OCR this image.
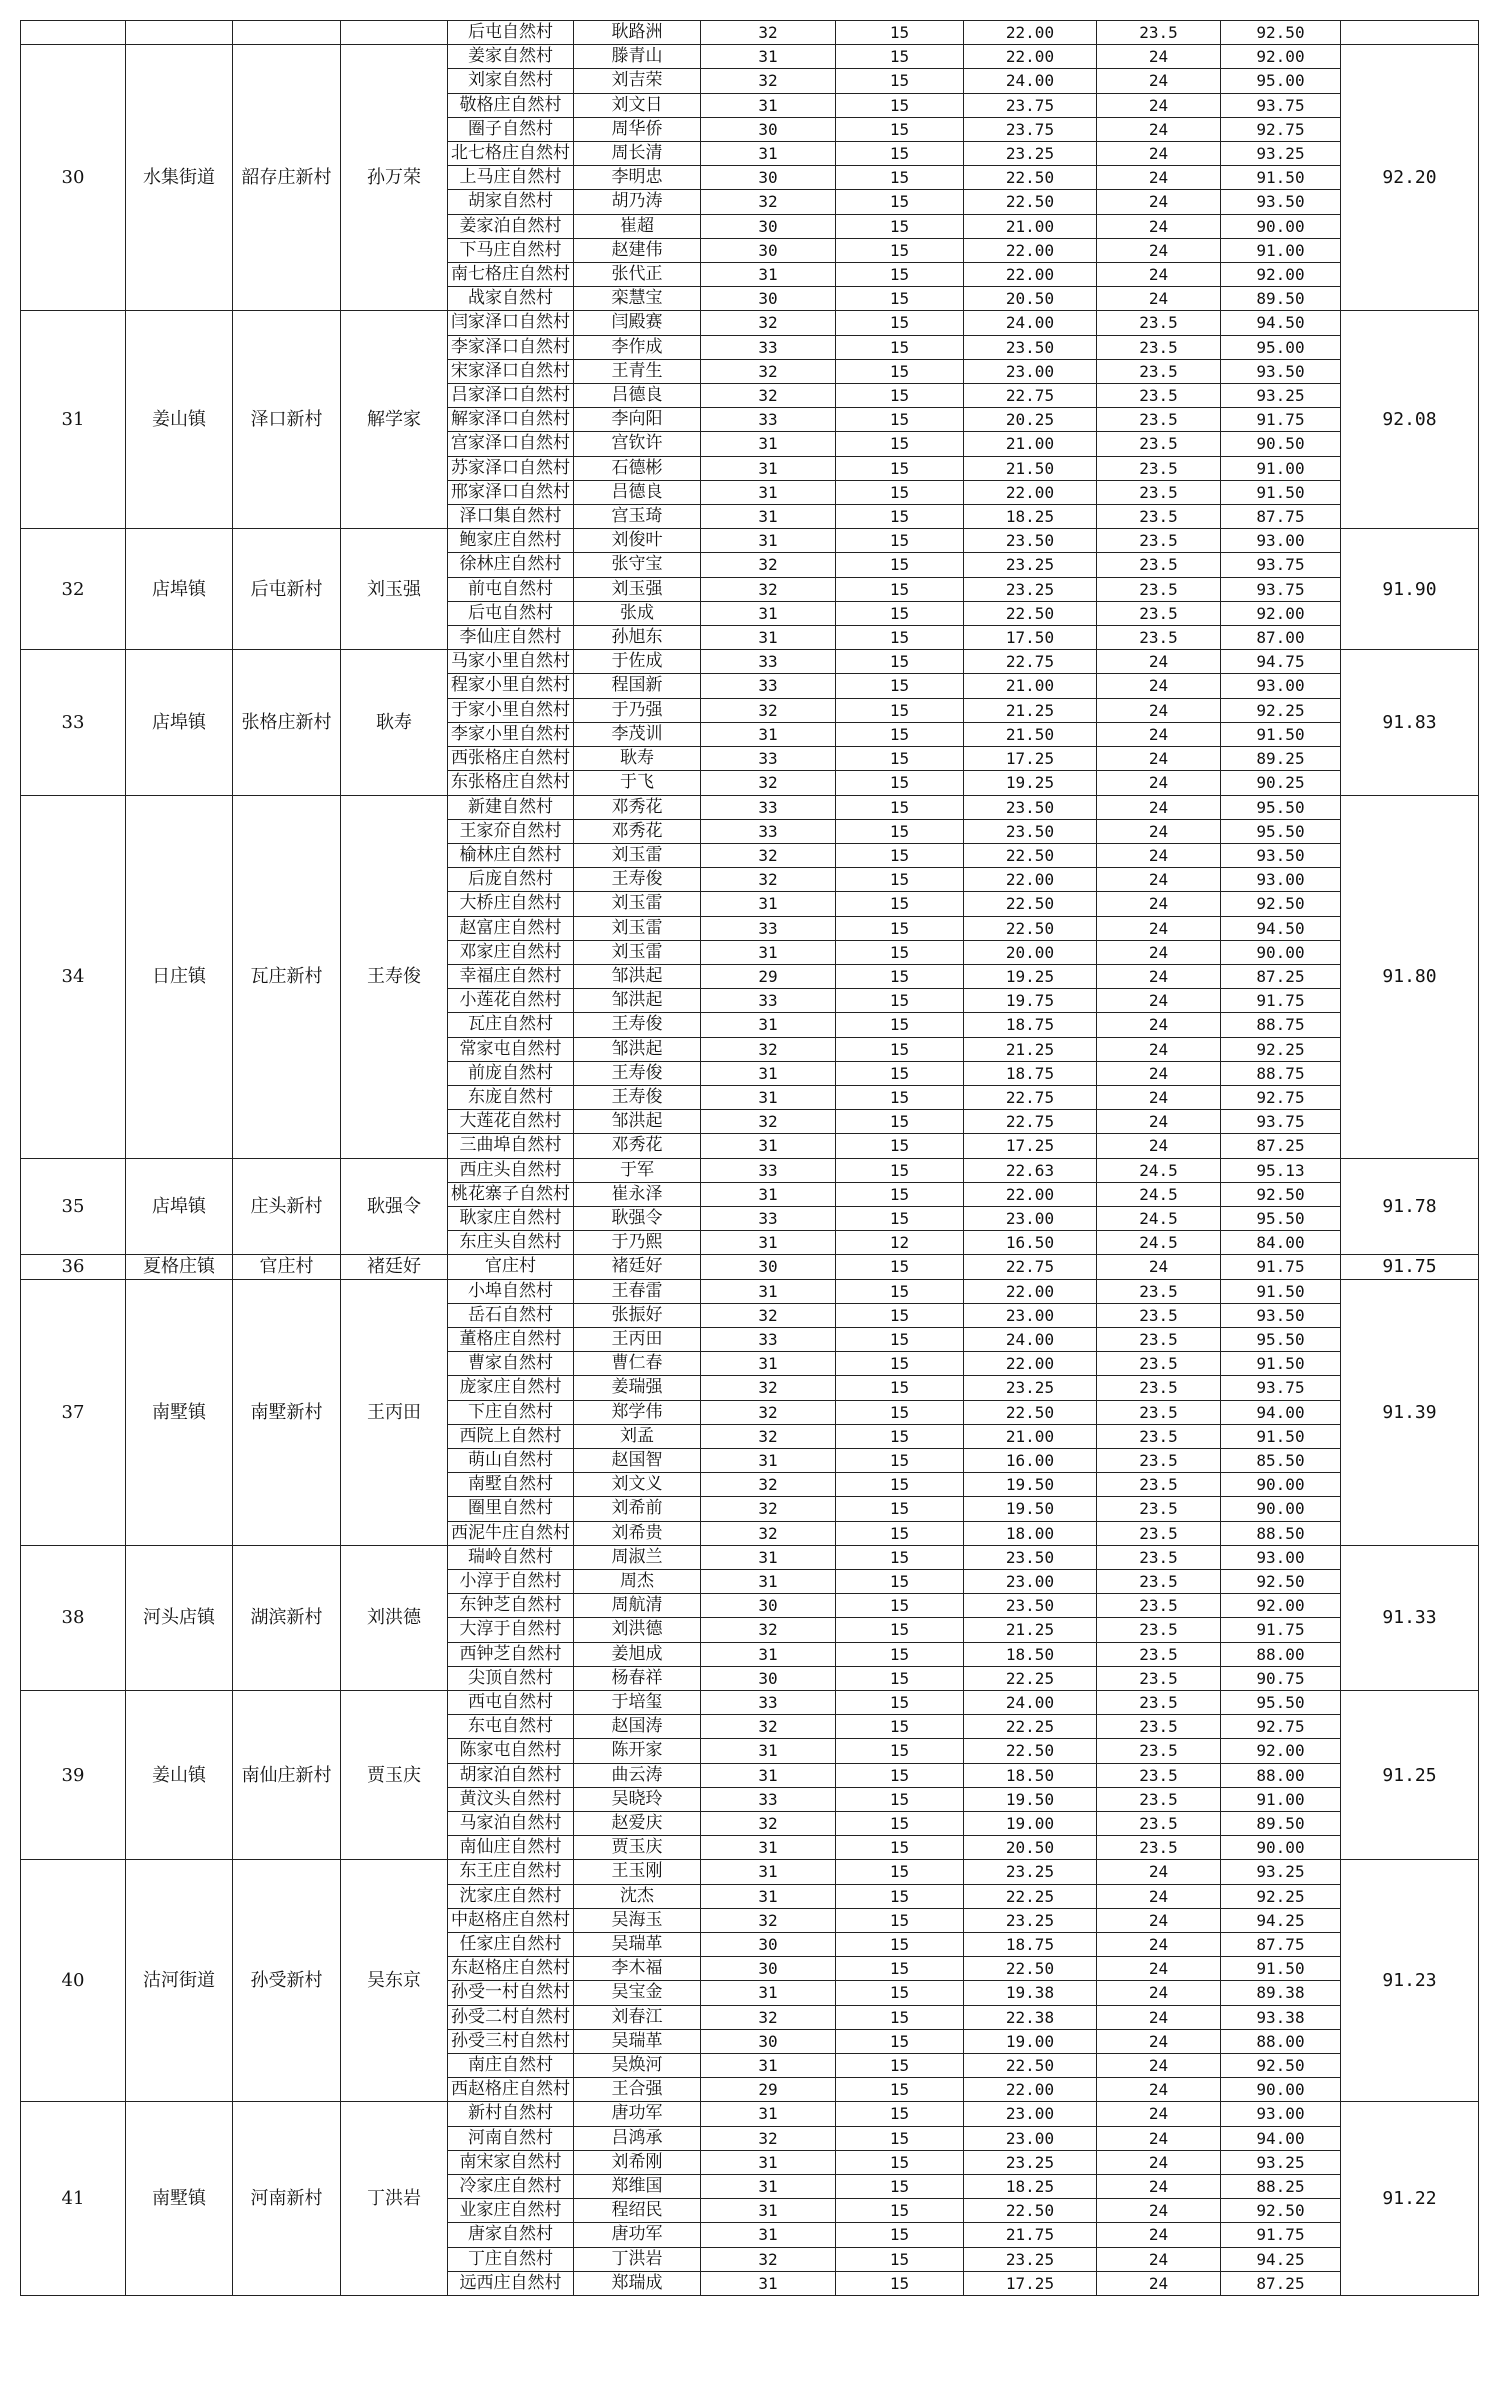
				后屯自然村	耿路洲	32	15	22.00	23.5	92.50	
30	水集街道	韶存庄新村	孙万荣	姜家自然村	滕青山	31	15	22.00	24	92.00	92.20
				刘家自然村	刘吉荣	32	15	24.00	24	95.00	
				敬格庄自然村	刘文日	31	15	23.75	24	93.75	
				圈子自然村	周华侨	30	15	23.75	24	92.75	
				北七格庄自然村	周长清	31	15	23.25	24	93.25	
				上马庄自然村	李明忠	30	15	22.50	24	91.50	
				胡家自然村	胡乃涛	32	15	22.50	24	93.50	
				姜家泊自然村	崔超	30	15	21.00	24	90.00	
				下马庄自然村	赵建伟	30	15	22.00	24	91.00	
				南七格庄自然村	张代正	31	15	22.00	24	92.00	
				战家自然村	栾慧宝	30	15	20.50	24	89.50	
31	姜山镇	泽口新村	解学家	闫家泽口自然村	闫殿赛	32	15	24.00	23.5	94.50	92.08
				李家泽口自然村	李作成	33	15	23.50	23.5	95.00	
				宋家泽口自然村	王青生	32	15	23.00	23.5	93.50	
				吕家泽口自然村	吕德良	32	15	22.75	23.5	93.25	
				解家泽口自然村	李向阳	33	15	20.25	23.5	91.75	
				宫家泽口自然村	宫钦许	31	15	21.00	23.5	90.50	
				苏家泽口自然村	石德彬	31	15	21.50	23.5	91.00	
				邢家泽口自然村	吕德良	31	15	22.00	23.5	91.50	
				泽口集自然村	宫玉琦	31	15	18.25	23.5	87.75	
32	店埠镇	后屯新村	刘玉强	鲍家庄自然村	刘俊叶	31	15	23.50	23.5	93.00	91.90
				徐林庄自然村	张守宝	32	15	23.25	23.5	93.75	
				前屯自然村	刘玉强	32	15	23.25	23.5	93.75	
				后屯自然村	张成	31	15	22.50	23.5	92.00	
				李仙庄自然村	孙旭东	31	15	17.50	23.5	87.00	
33	店埠镇	张格庄新村	耿寿	马家小里自然村	于佐成	33	15	22.75	24	94.75	91.83
				程家小里自然村	程国新	33	15	21.00	24	93.00	
				于家小里自然村	于乃强	32	15	21.25	24	92.25	
				李家小里自然村	李茂训	31	15	21.50	24	91.50	
				西张格庄自然村	耿寿	33	15	17.25	24	89.25	
				东张格庄自然村	于飞	32	15	19.25	24	90.25	
34	日庄镇	瓦庄新村	王寿俊	新建自然村	邓秀花	33	15	23.50	24	95.50	91.80
				王家夼自然村	邓秀花	33	15	23.50	24	95.50	
				榆林庄自然村	刘玉雷	32	15	22.50	24	93.50	
				后庞自然村	王寿俊	32	15	22.00	24	93.00	
				大桥庄自然村	刘玉雷	31	15	22.50	24	92.50	
				赵富庄自然村	刘玉雷	33	15	22.50	24	94.50	
				邓家庄自然村	刘玉雷	31	15	20.00	24	90.00	
				幸福庄自然村	邹洪起	29	15	19.25	24	87.25	
				小莲花自然村	邹洪起	33	15	19.75	24	91.75	
				瓦庄自然村	王寿俊	31	15	18.75	24	88.75	
				常家屯自然村	邹洪起	32	15	21.25	24	92.25	
				前庞自然村	王寿俊	31	15	18.75	24	88.75	
				东庞自然村	王寿俊	31	15	22.75	24	92.75	
				大莲花自然村	邹洪起	32	15	22.75	24	93.75	
				三曲埠自然村	邓秀花	31	15	17.25	24	87.25	
35	店埠镇	庄头新村	耿强令	西庄头自然村	于军	33	15	22.63	24.5	95.13	91.78
				桃花寨子自然村	崔永泽	31	15	22.00	24.5	92.50	
				耿家庄自然村	耿强令	33	15	23.00	24.5	95.50	
				东庄头自然村	于乃熙	31	12	16.50	24.5	84.00	
36	夏格庄镇	官庄村	褚廷好	官庄村	褚廷好	30	15	22.75	24	91.75	91.75
37	南墅镇	南墅新村	王丙田	小埠自然村	王春雷	31	15	22.00	23.5	91.50	91.39
				岳石自然村	张振好	32	15	23.00	23.5	93.50	
				董格庄自然村	王丙田	33	15	24.00	23.5	95.50	
				曹家自然村	曹仁春	31	15	22.00	23.5	91.50	
				庞家庄自然村	姜瑞强	32	15	23.25	23.5	93.75	
				下庄自然村	郑学伟	32	15	22.50	23.5	94.00	
				西院上自然村	刘孟	32	15	21.00	23.5	91.50	
				萌山自然村	赵国智	31	15	16.00	23.5	85.50	
				南墅自然村	刘文义	32	15	19.50	23.5	90.00	
				圈里自然村	刘希前	32	15	19.50	23.5	90.00	
				西泥牛庄自然村	刘希贵	32	15	18.00	23.5	88.50	
38	河头店镇	湖滨新村	刘洪德	瑞岭自然村	周淑兰	31	15	23.50	23.5	93.00	91.33
				小淳于自然村	周杰	31	15	23.00	23.5	92.50	
				东钟芝自然村	周航清	30	15	23.50	23.5	92.00	
				大淳于自然村	刘洪德	32	15	21.25	23.5	91.75	
				西钟芝自然村	姜旭成	31	15	18.50	23.5	88.00	
				尖顶自然村	杨春祥	30	15	22.25	23.5	90.75	
39	姜山镇	南仙庄新村	贾玉庆	西屯自然村	于培玺	33	15	24.00	23.5	95.50	91.25
				东屯自然村	赵国涛	32	15	22.25	23.5	92.75	
				陈家屯自然村	陈开家	31	15	22.50	23.5	92.00	
				胡家泊自然村	曲云涛	31	15	18.50	23.5	88.00	
				黄汶头自然村	吴晓玲	33	15	19.50	23.5	91.00	
				马家泊自然村	赵爱庆	32	15	19.00	23.5	89.50	
				南仙庄自然村	贾玉庆	31	15	20.50	23.5	90.00	
40	沽河街道	孙受新村	吴东京	东王庄自然村	王玉刚	31	15	23.25	24	93.25	91.23
				沈家庄自然村	沈杰	31	15	22.25	24	92.25	
				中赵格庄自然村	吴海玉	32	15	23.25	24	94.25	
				任家庄自然村	吴瑞革	30	15	18.75	24	87.75	
				东赵格庄自然村	李木福	30	15	22.50	24	91.50	
				孙受一村自然村	吴宝金	31	15	19.38	24	89.38	
				孙受二村自然村	刘春江	32	15	22.38	24	93.38	
				孙受三村自然村	吴瑞革	30	15	19.00	24	88.00	
				南庄自然村	吴焕河	31	15	22.50	24	92.50	
				西赵格庄自然村	王合强	29	15	22.00	24	90.00	
41	南墅镇	河南新村	丁洪岩	新村自然村	唐功军	31	15	23.00	24	93.00	91.22
				河南自然村	吕鸿承	32	15	23.00	24	94.00	
				南宋家自然村	刘希刚	31	15	23.25	24	93.25	
				冷家庄自然村	郑维国	31	15	18.25	24	88.25	
				业家庄自然村	程绍民	31	15	22.50	24	92.50	
				唐家自然村	唐功军	31	15	21.75	24	91.75	
				丁庄自然村	丁洪岩	32	15	23.25	24	94.25	
				远西庄自然村	郑瑞成	31	15	17.25	24	87.25	
